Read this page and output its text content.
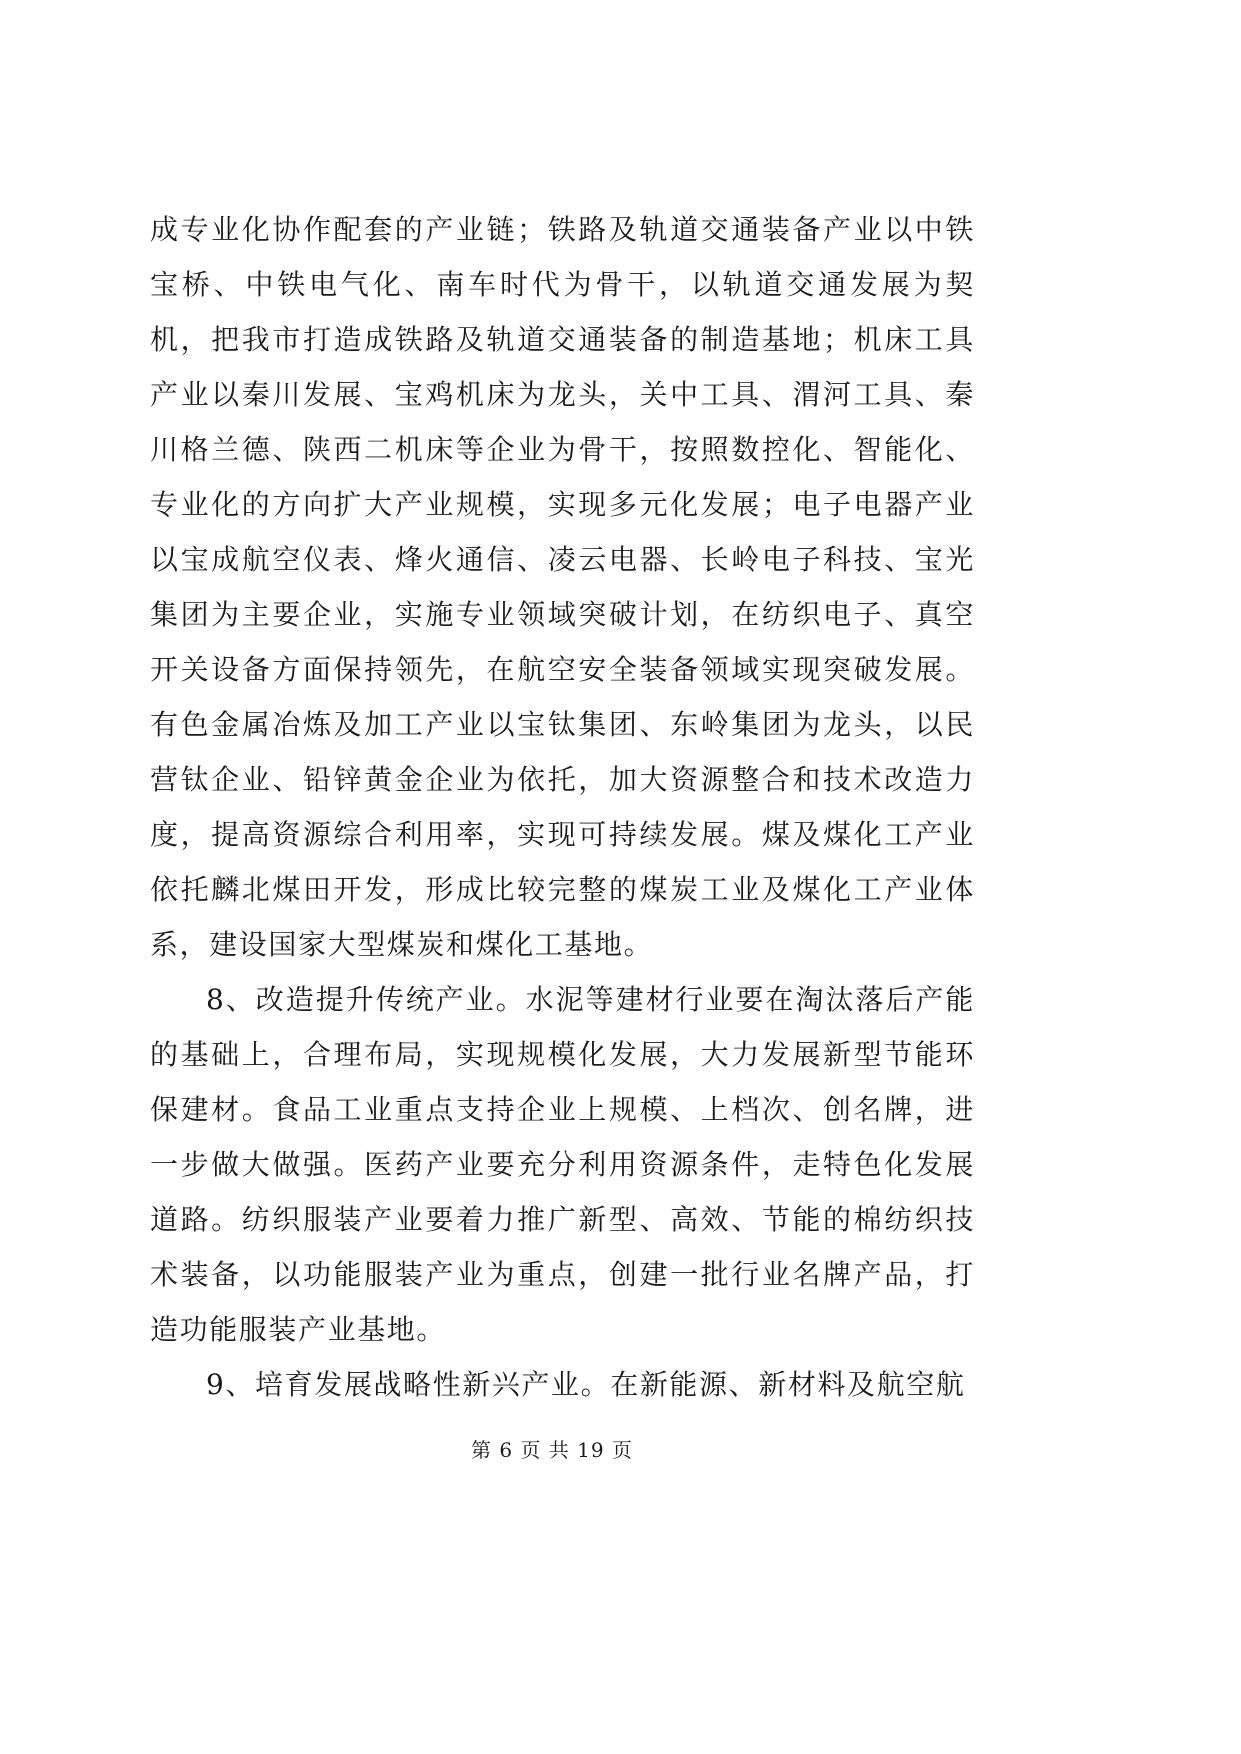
成专业化协作配套的产业链；铁路及轨道交通装备产业以中铁宝桥、中铁电气化、南车时代为骨干，以轨道交通发展为契机，把我市打造成铁路及轨道交通装备的制造基地；机床工具产业以秦川发展、宝鸡机床为龙头，关中工具、渭河工具、秦川格兰德、陕西二机床等企业为骨干，按照数控化、智能化、专业化的方向扩大产业规模，实现多元化发展；电子电器产业以宝成航空仪表、烽火通信、凌云电器、长岭电子科技、宝光集团为主要企业，实施专业领域突破计划，在纺织电子、真空开关设备方面保持领先，在航空安全装备领域实现突破发展。有色金属冶炼及加工产业以宝钛集团、东岭集团为龙头，以民营钛企业、铅锌黄金企业为依托，加大资源整合和技术改造力度，提高资源综合利用率，实现可持续发展。煤及煤化工产业依托麟北煤田开发，形成比较完整的煤炭工业及煤化工产业体系，建设国家大型煤炭和煤化工基地。

8、改造提升传统产业。水泥等建材行业要在淘汰落后产能的基础上，合理布局，实现规模化发展，大力发展新型节能环保建材。食品工业重点支持企业上规模、上档次、创名牌，进一步做大做强。医药产业要充分利用资源条件，走特色化发展道路。纺织服装产业要着力推广新型、高效、节能的棉纺织技术装备，以功能服装产业为重点，创建一批行业名牌产品，打造功能服装产业基地。

9、培育发展战略性新兴产业。在新能源、新材料及航空航

第 6 页 共 19 页
